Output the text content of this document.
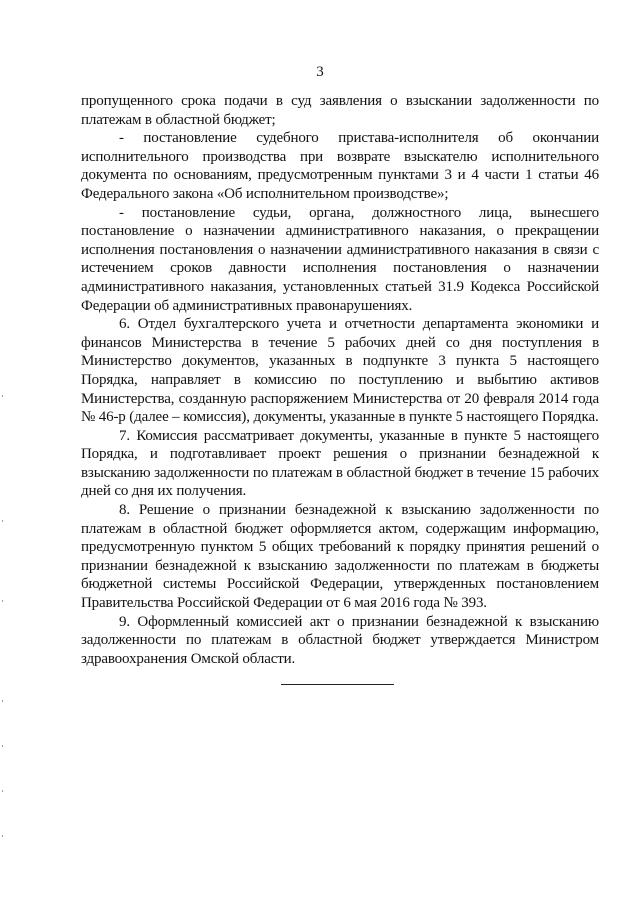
3

пропущенного срока подачи в суд заявления о взыскании задолженности по платежам в областной бюджет;

- постановление судебного пристава-исполнителя об окончании исполнительного производства при возврате взыскателю исполнительного документа по основаниям, предусмотренным пунктами 3 и 4 части 1 статьи 46 Федерального закона «Об исполнительном производстве»;

- постановление судьи, органа, должностного лица, вынесшего постановление о назначении административного наказания, о прекращении исполнения постановления о назначении административного наказания в связи с истечением сроков давности исполнения постановления о назначении административного наказания, установленных статьей 31.9 Кодекса Российской Федерации об административных правонарушениях.

6. Отдел бухгалтерского учета и отчетности департамента экономики и финансов Министерства в течение 5 рабочих дней со дня поступления в Министерство документов, указанных в подпункте 3 пункта 5 настоящего Порядка, направляет в комиссию по поступлению и выбытию активов Министерства, созданную распоряжением Министерства от 20 февраля 2014 года № 46-р (далее – комиссия), документы, указанные в пункте 5 настоящего Порядка.

7. Комиссия рассматривает документы, указанные в пункте 5 настоящего Порядка, и подготавливает проект решения о признании безнадежной к взысканию задолженности по платежам в областной бюджет в течение 15 рабочих дней со дня их получения.

8. Решение о признании безнадежной к взысканию задолженности по платежам в областной бюджет оформляется актом, содержащим информацию, предусмотренную пунктом 5 общих требований к порядку принятия решений о признании безнадежной к взысканию задолженности по платежам в бюджеты бюджетной системы Российской Федерации, утвержденных постановлением Правительства Российской Федерации от 6 мая 2016 года № 393.

9. Оформленный комиссией акт о признании безнадежной к взысканию задолженности по платежам в областной бюджет утверждается Министром здравоохранения Омской области.
